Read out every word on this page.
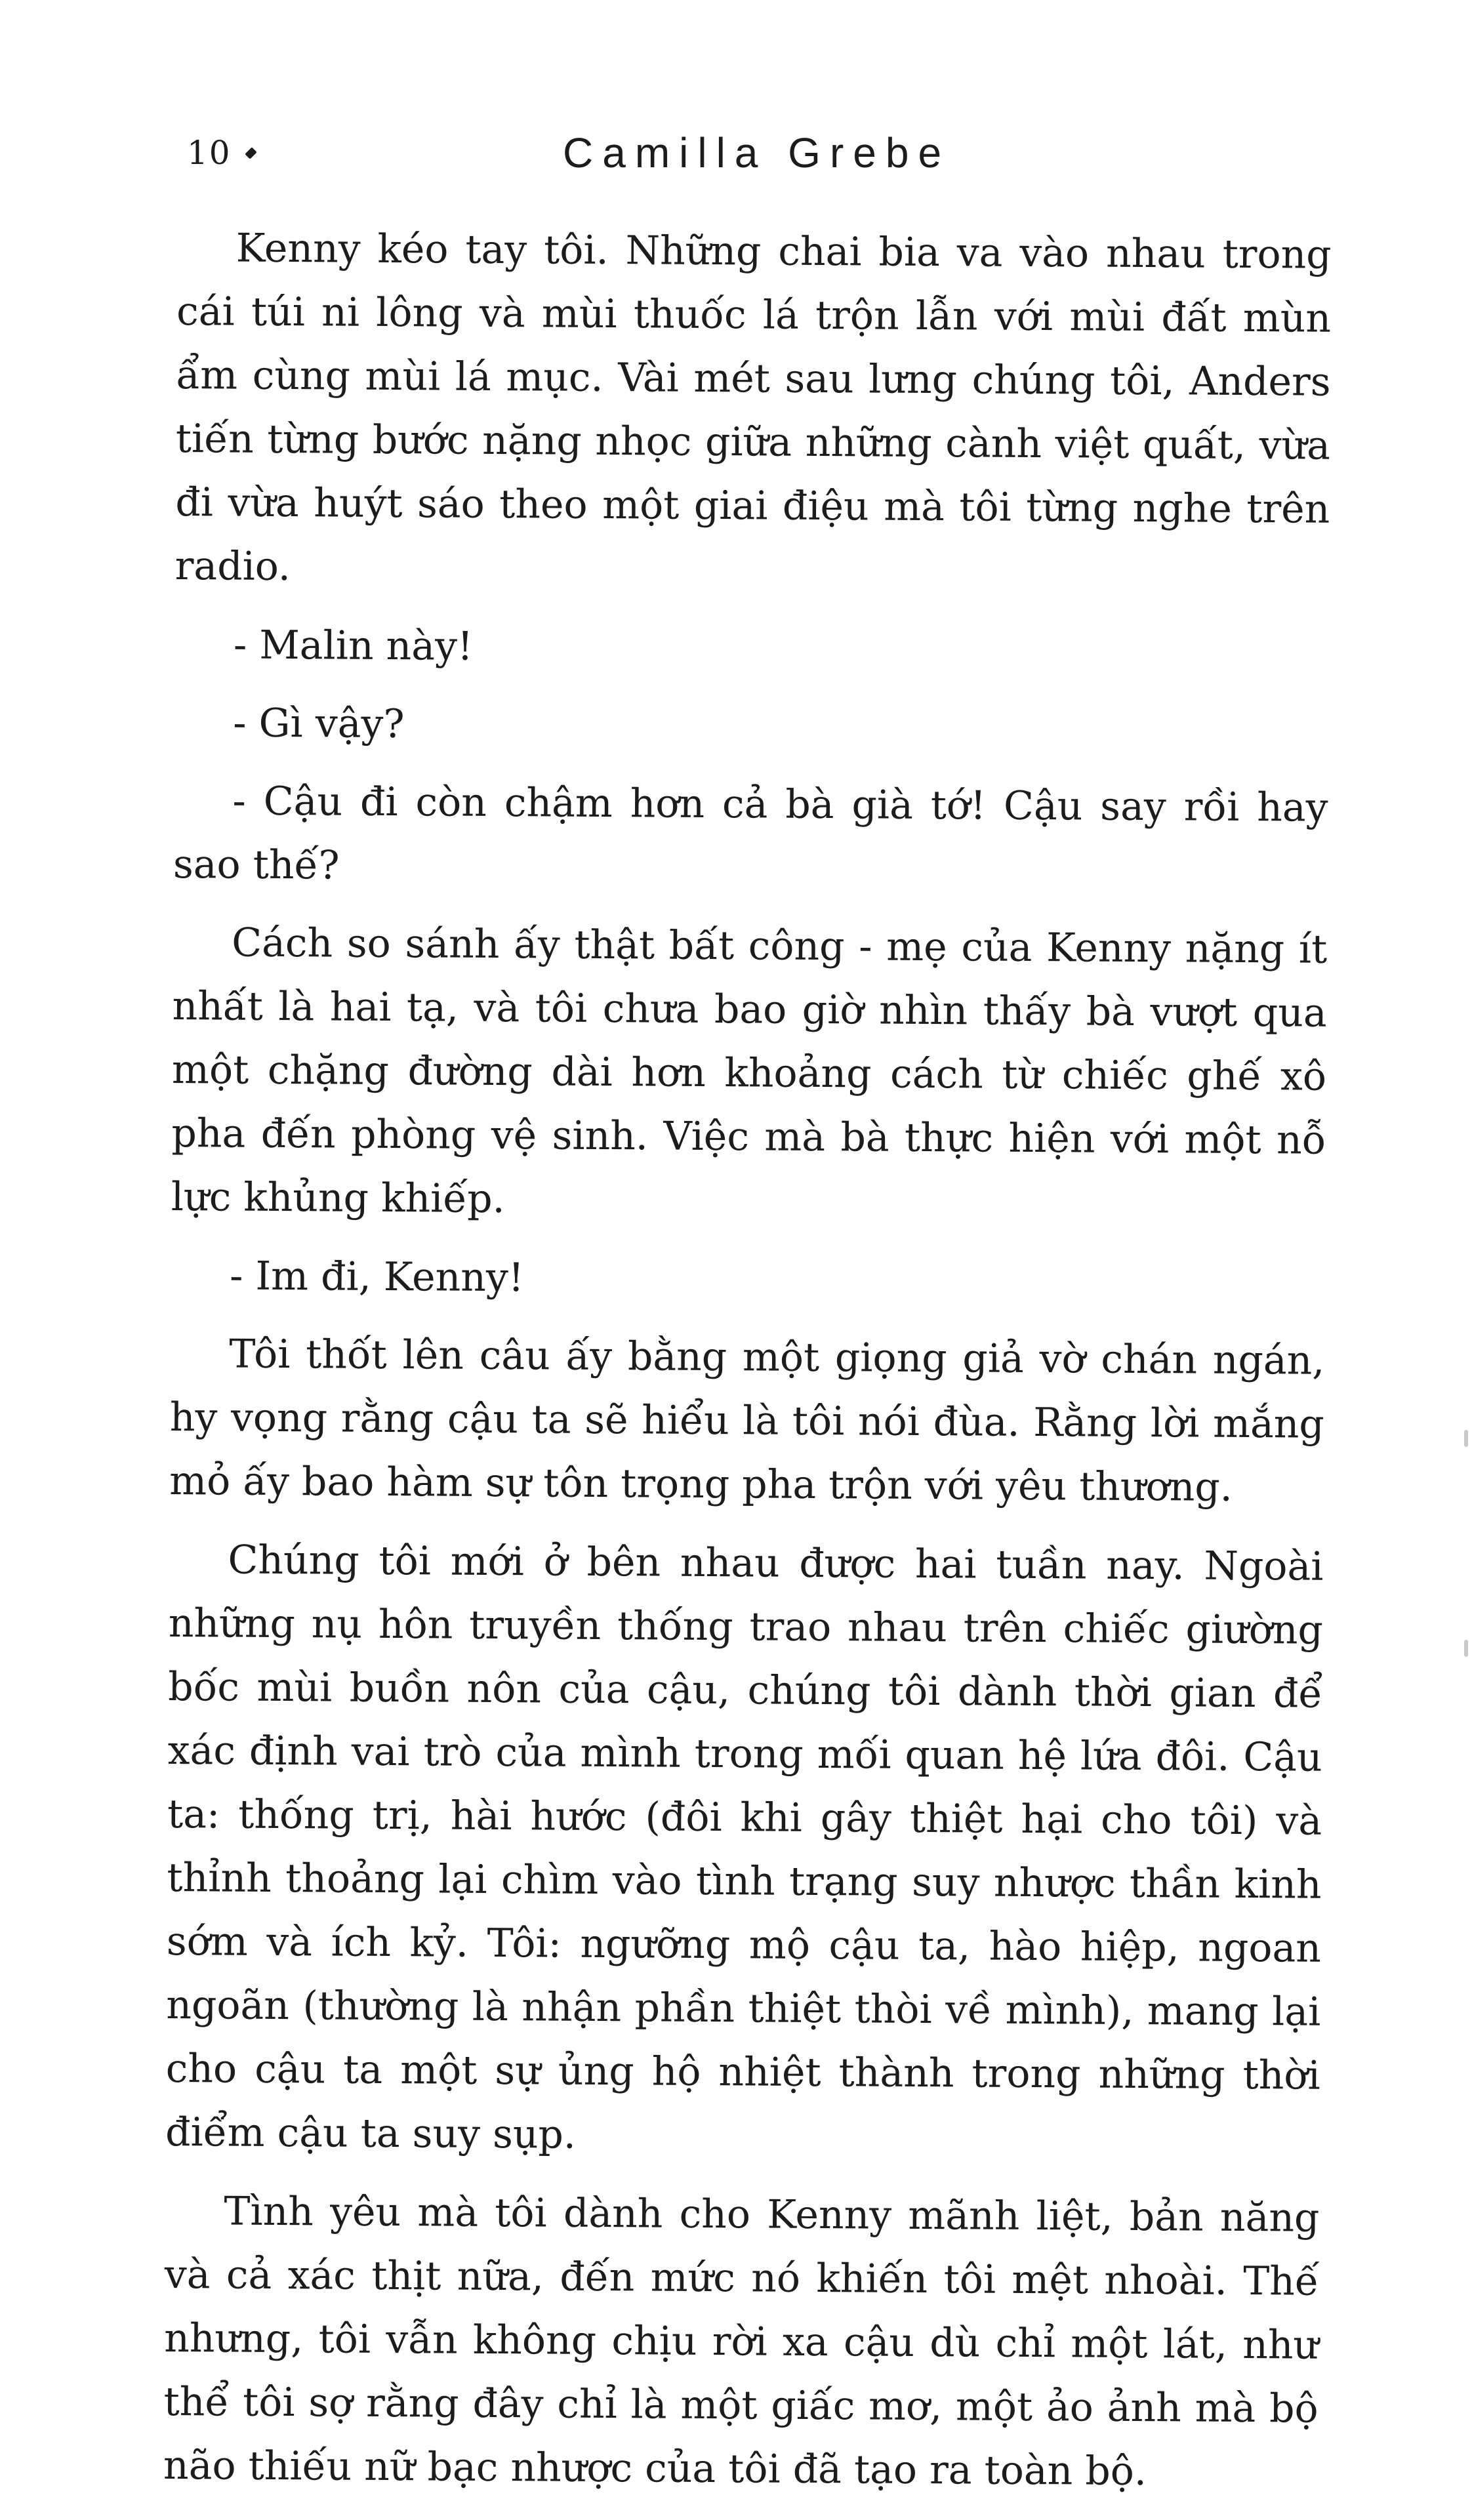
10	Camilla Grebe

Kenny kéo tay tôi. Những chai bia va vào nhau trong cái túi ni lông và mùi thuốc lá trộn lẫn với mùi đất mùn ẩm cùng mùi lá mục. Vài mét sau lưng chúng tôi, Anders tiến từng bước nặng nhọc giữa những cành việt quất, vừa đi vừa huýt sáo theo một giai điệu mà tôi từng nghe trên radio.

- Malin này!

- Gì vậy?

- Cậu đi còn chậm hơn cả bà già tớ! Cậu say rồi hay sao thế?

Cách so sánh ấy thật bất công - mẹ của Kenny nặng ít nhất là hai tạ, và tôi chưa bao giờ nhìn thấy bà vượt qua một chặng đường dài hơn khoảng cách từ chiếc ghế xô pha đến phòng vệ sinh. Việc mà bà thực hiện với một nỗ lực khủng khiếp.

- Im đi, Kenny!

Tôi thốt lên câu ấy bằng một giọng giả vờ chán ngán, hy vọng rằng cậu ta sẽ hiểu là tôi nói đùa. Rằng lời mắng mỏ ấy bao hàm sự tôn trọng pha trộn với yêu thương.

Chúng tôi mới ở bên nhau được hai tuần nay. Ngoài những nụ hôn truyền thống trao nhau trên chiếc giường bốc mùi buồn nôn của cậu, chúng tôi dành thời gian để xác định vai trò của mình trong mối quan hệ lứa đôi. Cậu ta: thống trị, hài hước (đôi khi gây thiệt hại cho tôi) và thỉnh thoảng lại chìm vào tình trạng suy nhược thần kinh sớm và ích kỷ. Tôi: ngưỡng mộ cậu ta, hào hiệp, ngoan ngoãn (thường là nhận phần thiệt thòi về mình), mang lại cho cậu ta một sự ủng hộ nhiệt thành trong những thời điểm cậu ta suy sụp.

Tình yêu mà tôi dành cho Kenny mãnh liệt, bản năng và cả xác thịt nữa, đến mức nó khiến tôi mệt nhoài. Thế nhưng, tôi vẫn không chịu rời xa cậu dù chỉ một lát, như thể tôi sợ rằng đây chỉ là một giấc mơ, một ảo ảnh mà bộ não thiếu nữ bạc nhược của tôi đã tạo ra toàn bộ.
